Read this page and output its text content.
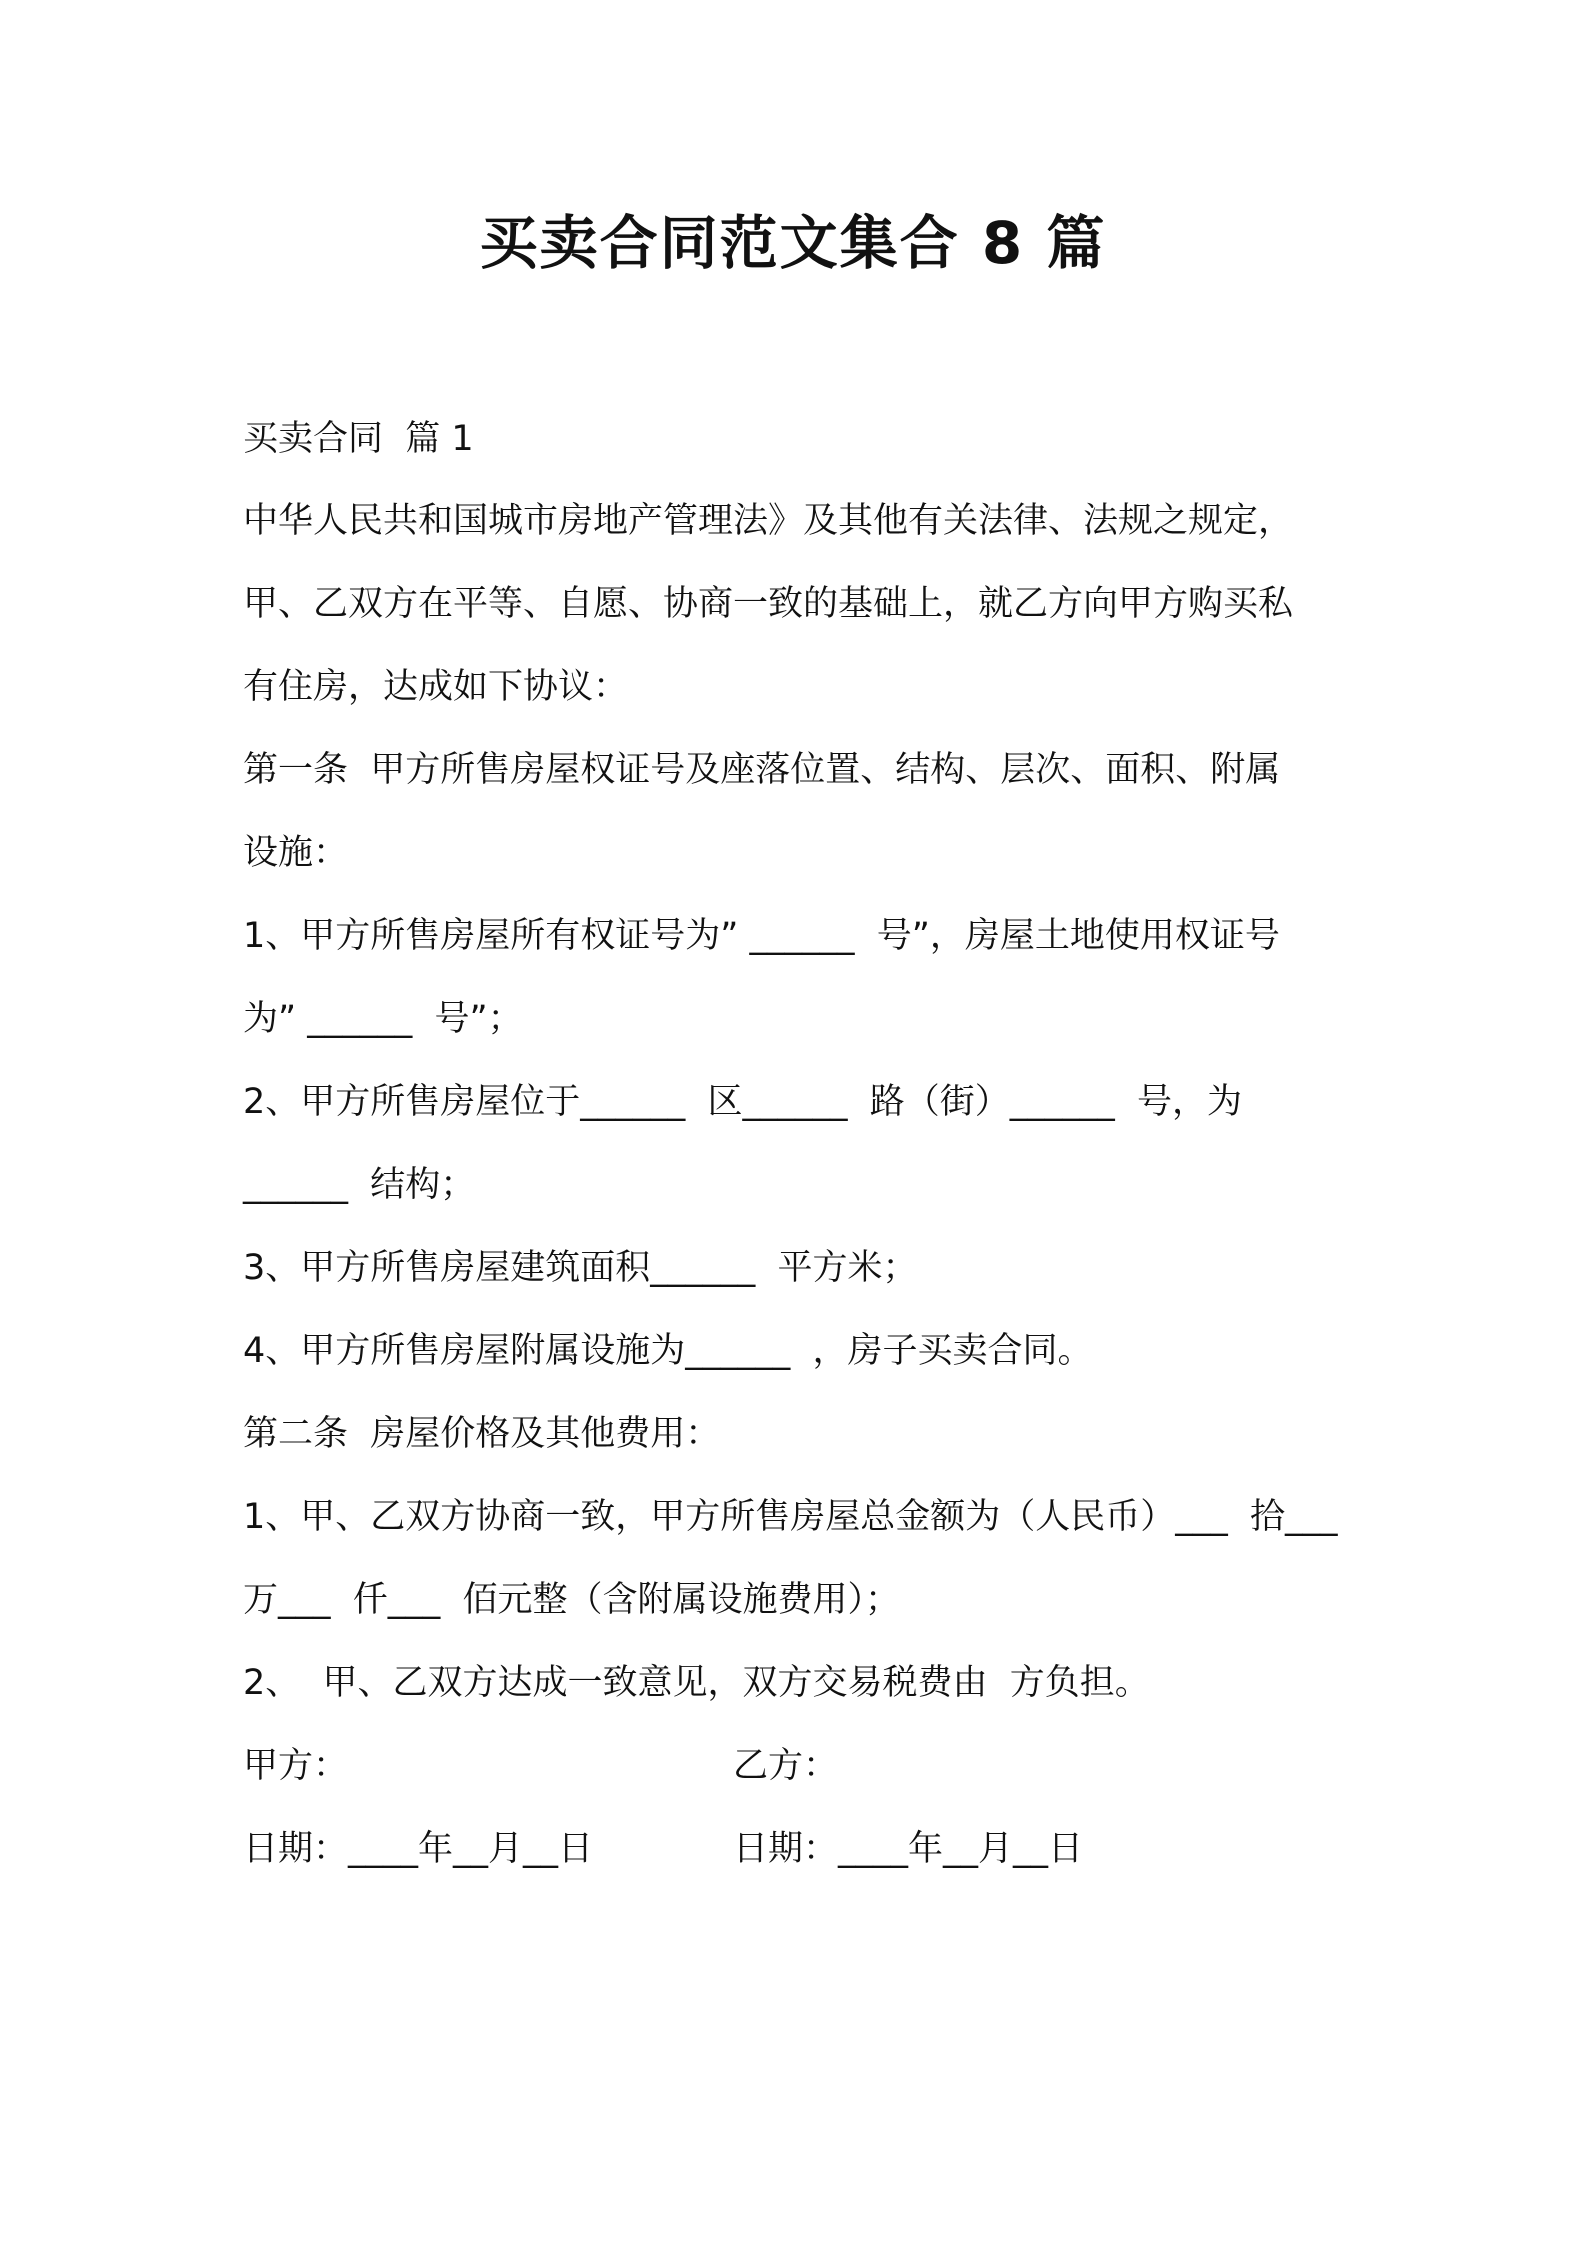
买卖合同范文集合 8 篇
买卖合同  篇 1
中华人民共和国城市房地产管理法》及其他有关法律、法规之规定，
甲、乙双方在平等、自愿、协商一致的基础上，就乙方向甲方购买私
有住房，达成如下协议：
第一条  甲方所售房屋权证号及座落位置、结构、层次、面积、附属
设施：
1、甲方所售房屋所有权证号为” ______  号”，房屋土地使用权证号
为” ______  号”；
2、甲方所售房屋位于______  区______  路（街）______  号，为
______  结构；
3、甲方所售房屋建筑面积______  平方米；
4、甲方所售房屋附属设施为______  ，房子买卖合同。
第二条  房屋价格及其他费用：
1、甲、乙双方协商一致，甲方所售房屋总金额为（人民币）___  拾___
万___  仟___  佰元整（含附属设施费用）；
2、  甲、乙双方达成一致意见，双方交易税费由  方负担。
甲方：	乙方：
日期：____年__月__日	日期：____年__月__日
